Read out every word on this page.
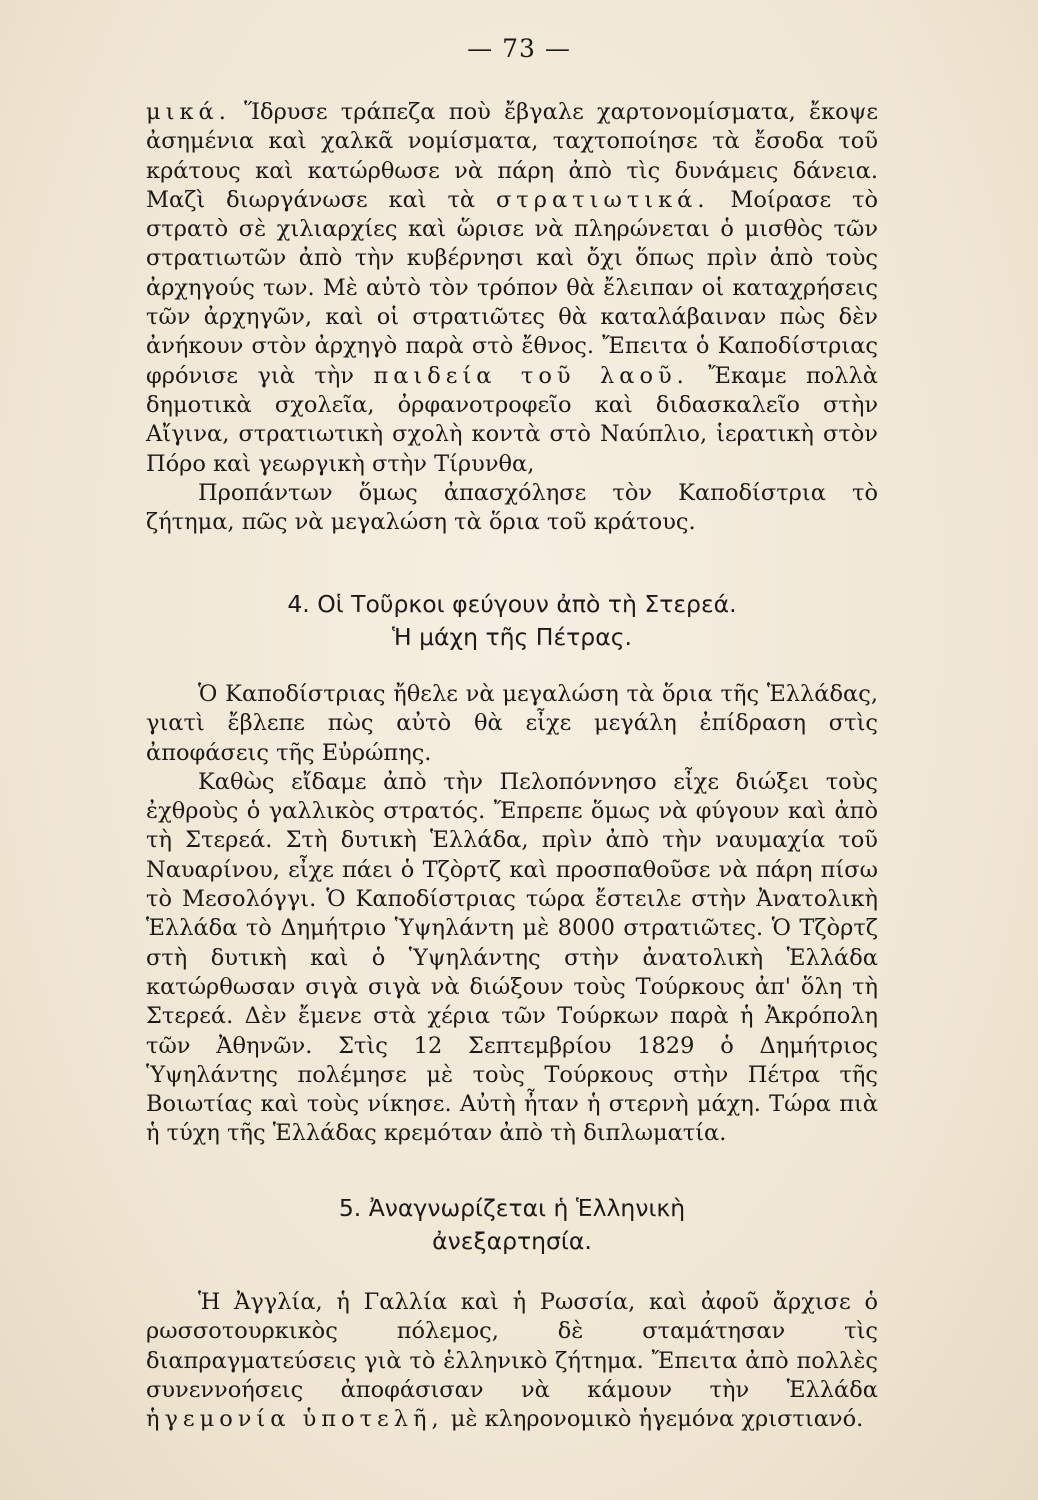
— 73 —

μικά. Ἵδρυσε τράπεζα ποὺ ἔβγαλε χαρτονομίσματα, ἔκοψε ἀσημένια καὶ χαλκᾶ νομίσματα, ταχτοποίησε τὰ ἔσοδα τοῦ κράτους καὶ κατώρθωσε νὰ πάρη ἀπὸ τὶς δυνάμεις δάνεια. Μαζὶ διωργάνωσε καὶ τὰ στρατιωτικά. Μοίρασε τὸ στρατὸ σὲ χιλιαρχίες καὶ ὥρισε νὰ πληρώνεται ὁ μισθὸς τῶν στρατιωτῶν ἀπὸ τὴν κυβέρνησι καὶ ὄχι ὅπως πρὶν ἀπὸ τοὺς ἀρχηγούς των. Μὲ αὐτὸ τὸν τρόπον θὰ ἔλειπαν οἱ καταχρήσεις τῶν ἀρχηγῶν, καὶ οἱ στρατιῶτες θὰ καταλάβαιναν πὼς δὲν ἀνήκουν στὸν ἀρχηγὸ παρὰ στὸ ἔθνος. Ἔπειτα ὁ Καποδίστριας φρόνισε γιὰ τὴν παιδεία τοῦ λαοῦ. Ἔκαμε πολλὰ δημοτικὰ σχολεῖα, ὀρφανοτροφεῖο καὶ διδασκαλεῖο στὴν Αἴγινα, στρατιωτικὴ σχολὴ κοντὰ στὸ Ναύπλιο, ἱερατικὴ στὸν Πόρο καὶ γεωργικὴ στὴν Τίρυνθα,

Προπάντων ὅμως ἀπασχόλησε τὸν Καποδίστρια τὸ ζήτημα, πῶς νὰ μεγαλώση τὰ ὅρια τοῦ κράτους.

4. Οἱ Τοῦρκοι φεύγουν ἀπὸ τὴ Στερεά.
Ἡ μάχη τῆς Πέτρας.

Ὁ Καποδίστριας ἤθελε νὰ μεγαλώση τὰ ὅρια τῆς Ἑλλάδας, γιατὶ ἔβλεπε πὼς αὐτὸ θὰ εἶχε μεγάλη ἐπίδραση στὶς ἀποφάσεις τῆς Εὐρώπης.

Καθὼς εἴδαμε ἀπὸ τὴν Πελοπόννησο εἶχε διώξει τοὺς ἐχθροὺς ὁ γαλλικὸς στρατός. Ἔπρεπε ὅμως νὰ φύγουν καὶ ἀπὸ τὴ Στερεά. Στὴ δυτικὴ Ἑλλάδα, πρὶν ἀπὸ τὴν ναυμαχία τοῦ Ναυαρίνου, εἶχε πάει ὁ Τζὸρτζ καὶ προσπαθοῦσε νὰ πάρη πίσω τὸ Μεσολόγγι. Ὁ Καποδίστριας τώρα ἔστειλε στὴν Ἀνατολικὴ Ἑλλάδα τὸ Δημήτριο Ὑψηλάντη μὲ 8000 στρατιῶτες. Ὁ Τζὸρτζ στὴ δυτικὴ καὶ ὁ Ὑψηλάντης στὴν ἀνατολικὴ Ἑλλάδα κατώρθωσαν σιγὰ σιγὰ νὰ διώξουν τοὺς Τούρκους ἀπ' ὅλη τὴ Στερεά. Δὲν ἔμενε στὰ χέρια τῶν Τούρκων παρὰ ἡ Ἀκρόπολη τῶν Ἀθηνῶν. Στὶς 12 Σεπτεμβρίου 1829 ὁ Δημήτριος Ὑψηλάντης πολέμησε μὲ τοὺς Τούρκους στὴν Πέτρα τῆς Βοιωτίας καὶ τοὺς νίκησε. Αὐτὴ ἦταν ἡ στερνὴ μάχη. Τώρα πιὰ ἡ τύχη τῆς Ἑλλάδας κρεμόταν ἀπὸ τὴ διπλωματία.

5. Ἀναγνωρίζεται ἡ Ἑλληνικὴ
ἀνεξαρτησία.

Ἡ Ἀγγλία, ἡ Γαλλία καὶ ἡ Ρωσσία, καὶ ἀφοῦ ἄρχισε ὁ ρωσσοτουρκικὸς πόλεμος, δὲ σταμάτησαν τὶς διαπραγματεύσεις γιὰ τὸ ἑλληνικὸ ζήτημα. Ἔπειτα ἀπὸ πολλὲς συνεννοήσεις ἀποφάσισαν νὰ κάμουν τὴν Ἑλλάδα ἡγεμονία ὑποτελῆ, μὲ κληρονομικὸ ἡγεμόνα χριστιανό.
